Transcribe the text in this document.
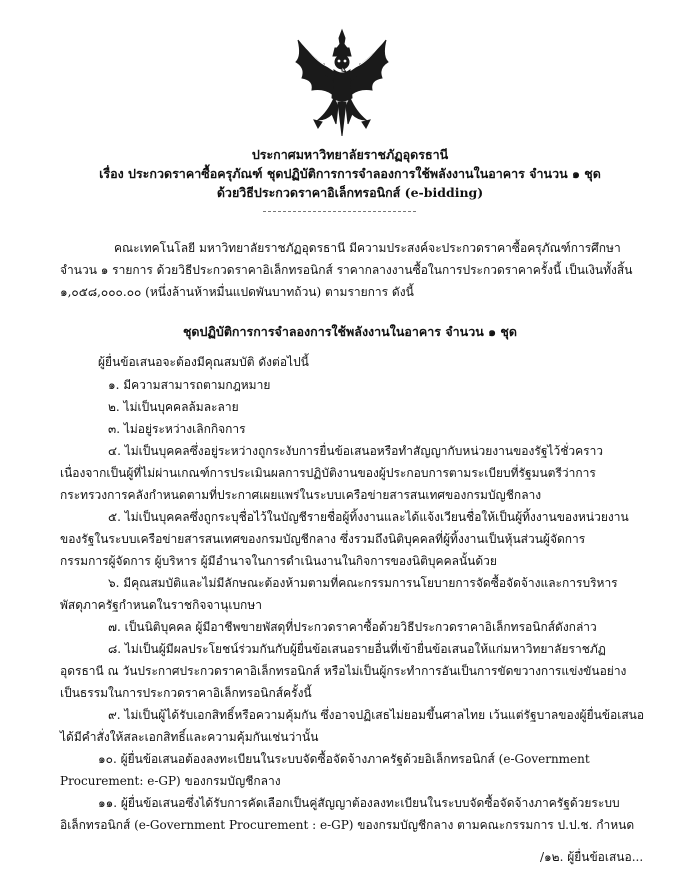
ประกาศมหาวิทยาลัยราชภัฏอุดรธานี
เรื่อง ประกวดราคาซื้อครุภัณฑ์ ชุดปฏิบัติการการจำลองการใช้พลังงานในอาคาร จำนวน ๑ ชุด
ด้วยวิธีประกวดราคาอิเล็กทรอนิกส์ (e-bidding)
คณะเทคโนโลยี มหาวิทยาลัยราชภัฏอุดรธานี มีความประสงค์จะประกวดราคาซื้อครุภัณฑ์การศึกษา
จำนวน ๑ รายการ ด้วยวิธีประกวดราคาอิเล็กทรอนิกส์ ราคากลางงานซื้อในการประกวดราคาครั้งนี้ เป็นเงินทั้งสิ้น
๑,๐๕๘,๐๐๐.๐๐ (หนึ่งล้านห้าหมื่นแปดพันบาทถ้วน) ตามรายการ ดังนี้
ชุดปฏิบัติการการจำลองการใช้พลังงานในอาคาร จำนวน ๑ ชุด
ผู้ยื่นข้อเสนอจะต้องมีคุณสมบัติ ดังต่อไปนี้
๑. มีความสามารถตามกฎหมาย
๒. ไม่เป็นบุคคลล้มละลาย
๓. ไม่อยู่ระหว่างเลิกกิจการ
๔. ไม่เป็นบุคคลซึ่งอยู่ระหว่างถูกระงับการยื่นข้อเสนอหรือทำสัญญากับหน่วยงานของรัฐไว้ชั่วคราว
เนื่องจากเป็นผู้ที่ไม่ผ่านเกณฑ์การประเมินผลการปฏิบัติงานของผู้ประกอบการตามระเบียบที่รัฐมนตรีว่าการ
กระทรวงการคลังกำหนดตามที่ประกาศเผยแพร่ในระบบเครือข่ายสารสนเทศของกรมบัญชีกลาง
๕. ไม่เป็นบุคคลซึ่งถูกระบุชื่อไว้ในบัญชีรายชื่อผู้ทิ้งงานและได้แจ้งเวียนชื่อให้เป็นผู้ทิ้งงานของหน่วยงาน
ของรัฐในระบบเครือข่ายสารสนเทศของกรมบัญชีกลาง ซึ่งรวมถึงนิติบุคคลที่ผู้ทิ้งงานเป็นหุ้นส่วนผู้จัดการ
กรรมการผู้จัดการ ผู้บริหาร ผู้มีอำนาจในการดำเนินงานในกิจการของนิติบุคคลนั้นด้วย
๖. มีคุณสมบัติและไม่มีลักษณะต้องห้ามตามที่คณะกรรมการนโยบายการจัดซื้อจัดจ้างและการบริหาร
พัสดุภาครัฐกำหนดในราชกิจจานุเบกษา
๗. เป็นนิติบุคคล ผู้มีอาชีพขายพัสดุที่ประกวดราคาซื้อด้วยวิธีประกวดราคาอิเล็กทรอนิกส์ดังกล่าว
๘. ไม่เป็นผู้มีผลประโยชน์ร่วมกันกับผู้ยื่นข้อเสนอรายอื่นที่เข้ายื่นข้อเสนอให้แก่มหาวิทยาลัยราชภัฏ
อุดรธานี ณ วันประกาศประกวดราคาอิเล็กทรอนิกส์ หรือไม่เป็นผู้กระทำการอันเป็นการขัดขวางการแข่งขันอย่าง
เป็นธรรมในการประกวดราคาอิเล็กทรอนิกส์ครั้งนี้
๙. ไม่เป็นผู้ได้รับเอกสิทธิ์หรือความคุ้มกัน ซึ่งอาจปฏิเสธไม่ยอมขึ้นศาลไทย เว้นแต่รัฐบาลของผู้ยื่นข้อเสนอ
ได้มีคำสั่งให้สละเอกสิทธิ์และความคุ้มกันเช่นว่านั้น
๑๐. ผู้ยื่นข้อเสนอต้องลงทะเบียนในระบบจัดซื้อจัดจ้างภาครัฐด้วยอิเล็กทรอนิกส์ (e-Government
Procurement: e-GP) ของกรมบัญชีกลาง
๑๑. ผู้ยื่นข้อเสนอซึ่งได้รับการคัดเลือกเป็นคู่สัญญาต้องลงทะเบียนในระบบจัดซื้อจัดจ้างภาครัฐด้วยระบบ
อิเล็กทรอนิกส์ (e-Government Procurement : e-GP) ของกรมบัญชีกลาง ตามคณะกรรมการ ป.ป.ช. กำหนด
/๑๒. ผู้ยื่นข้อเสนอ...
